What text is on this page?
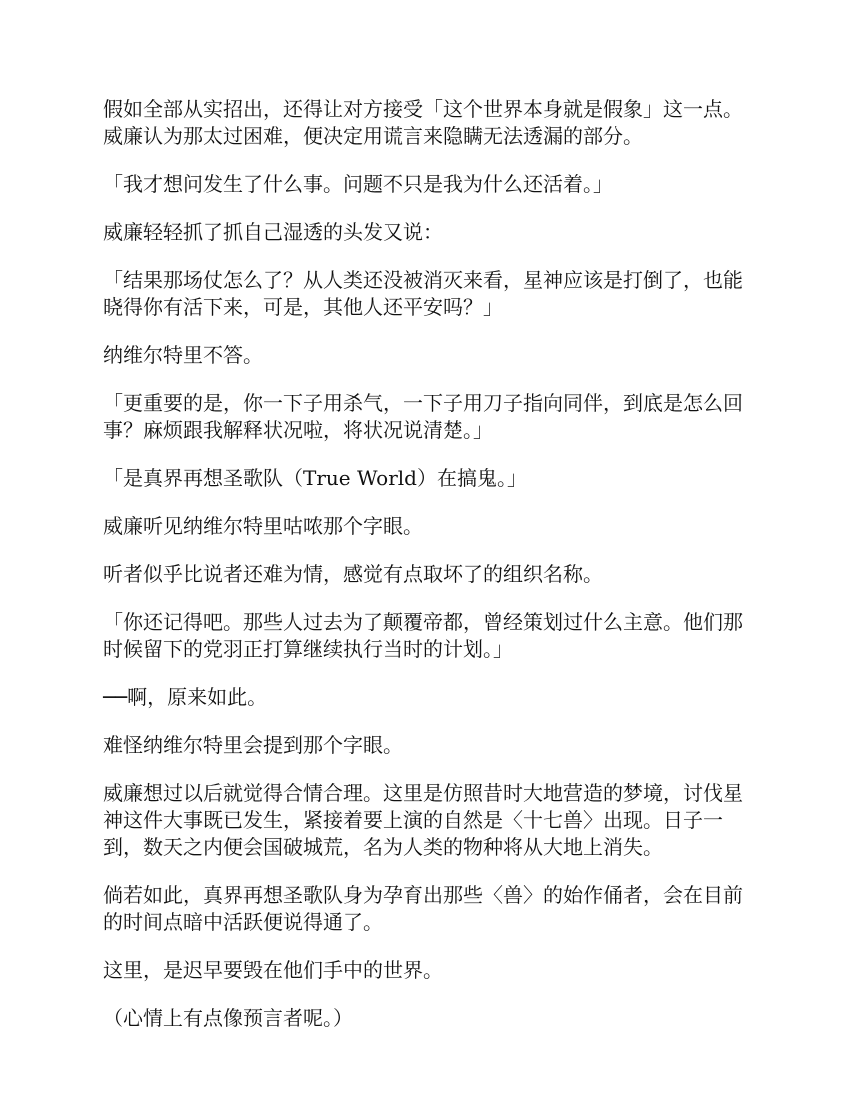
假如全部从实招出，还得让对方接受「这个世界本身就是假象」这一点。威廉认为那太过困难，便决定用谎言来隐瞒无法透漏的部分。

「我才想问发生了什么事。问题不只是我为什么还活着。」

威廉轻轻抓了抓自己湿透的头发又说：

「结果那场仗怎么了？从人类还没被消灭来看，星神应该是打倒了，也能晓得你有活下来，可是，其他人还平安吗？」

纳维尔特里不答。

「更重要的是，你一下子用杀气，一下子用刀子指向同伴，到底是怎么回事？麻烦跟我解释状况啦，将状况说清楚。」

「是真界再想圣歌队（True World）在搞鬼。」

威廉听见纳维尔特里咕哝那个字眼。

听者似乎比说者还难为情，感觉有点取坏了的组织名称。

「你还记得吧。那些人过去为了颠覆帝都，曾经策划过什么主意。他们那时候留下的党羽正打算继续执行当时的计划。」

──啊，原来如此。

难怪纳维尔特里会提到那个字眼。

威廉想过以后就觉得合情合理。这里是仿照昔时大地营造的梦境，讨伐星神这件大事既已发生，紧接着要上演的自然是〈十七兽〉出现。日子一到，数天之内便会国破城荒，名为人类的物种将从大地上消失。

倘若如此，真界再想圣歌队身为孕育出那些〈兽〉的始作俑者，会在目前的时间点暗中活跃便说得通了。

这里，是迟早要毁在他们手中的世界。

（心情上有点像预言者呢。）
